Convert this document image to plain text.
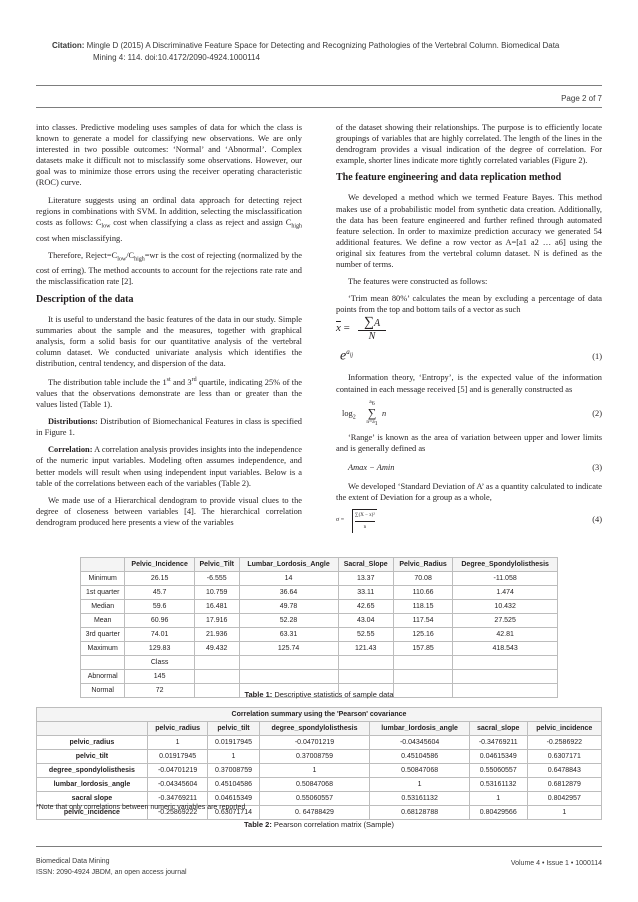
Citation: Mingle D (2015) A Discriminative Feature Space for Detecting and Recognizing Pathologies of the Vertebral Column. Biomedical Data
Mining 4: 114. doi:10.4172/2090-4924.1000114
Page 2 of 7

into classes. Predictive modeling uses samples of data for which the class is known to generate a model for classifying new observations. We are only interested in two possible outcomes: ‘Normal’ and ‘Abnormal’. Complex datasets make it difficult not to misclassify some observations. However, our goal was to minimize those errors using the receiver operating characteristic (ROC) curve.

Literature suggests using an ordinal data approach for detecting reject regions in combinations with SVM. In addition, selecting the misclassification costs as follows: $C_{low}$ cost when classifying a class as reject and assign $C_{high}$ cost when misclassifying.

Therefore, $Reject=C_{low}/C_{high}=wr$ is the cost of rejecting (normalized by the cost of erring). The method accounts to account for the rejections rate rate and the misclassification rate [2].

Description of the data

It is useful to understand the basic features of the data in our study. Simple summaries about the sample and the measures, together with graphical analysis, form a solid basis for our quantitative analysis of the vertebral column dataset. We conducted univariate analysis which identifies the distribution, central tendency, and dispersion of the data.

The distribution table include the 1st and 3rd quartile, indicating 25% of the values that the observations demonstrate are less than or greater than the values listed (Table 1).

Distributions: Distribution of Biomechanical Features in class is specified in Figure 1.

Correlation: A correlation analysis provides insights into the independence of the numeric input variables. Modeling often assumes independence, and better models will result when using independent input variables. Below is a table of the correlations between each of the variables (Table 2).

We made use of a Hierarchical dendogram to provide visual clues to the degree of closeness between variables [4]. The hierarchical correlation dendrogram produced here presents a view of the variables

of the dataset showing their relationships. The purpose is to efficiently locate groupings of variables that are highly correlated. The length of the lines in the dendrogram provides a visual indication of the degree of correlation. For example, shorter lines indicate more tightly correlated variables (Figure 2).

The feature engineering and data replication method

We developed a method which we termed Feature Bayes. This method makes use of a probabilistic model from synthetic data creation. Additionally, the data has been feature engineered and further refined through automated feature selection. In order to maximize prediction accuracy we generated 54 additional features. We define a row vector as A=[a1 a2 … a6] using the original six features from the vertebral column dataset. N is defined as the number of terms.

The features were constructed as follows:

‘Trim mean 80%’ calculates the mean by excluding a percentage of data points from the top and bottom tails of a vector as such

$\overline{x}$ =	∑A
N
$e^{a_{ij}}$	(1)

Information theory, ‘Entropy’, is the expected value of the information contained in each message received [5] and is generally constructed as

$\log_2$
$a_6$
∑
$n=a_1$
n	(2)

‘Range’ is known as the area of variation between upper and lower limits and is generally defined as

Amax − Amin	(3)

We developed ‘Standard Deviation of A’ as a quantity calculated to indicate the extent of Deviation for a group as a whole,

σ =
∑(X − x)²
n
(4)
	Pelvic_Incidence	Pelvic_Tilt	Lumbar_Lordosis_Angle	Sacral_Slope	Pelvic_Radius	Degree_Spondylolisthesis
Minimum	26.15	-6.555	14	13.37	70.08	-11.058
1st quarter	45.7	10.759	36.64	33.11	110.66	1.474
Median	59.6	16.481	49.78	42.65	118.15	10.432
Mean	60.96	17.916	52.28	43.04	117.54	27.525
3rd quarter	74.01	21.936	63.31	52.55	125.16	42.81
Maximum	129.83	49.432	125.74	121.43	157.85	418.543
	Class					
Abnormal	145					
Normal	72						Table 1: Descriptive statistics of sample data
Correlation summary using the 'Pearson' covariance						
	pelvic_radius	pelvic_tilt	degree_spondylolisthesis	lumbar_lordosis_angle	sacral_slope	pelvic_incidence
pelvic_radius	1	0.01917945	-0.04701219	-0.04345604	-0.34769211	-0.2586922
pelvic_tilt	0.01917945	1	0.37008759	0.45104586	0.04615349	0.6307171
degree_spondylolisthesis	-0.04701219	0.37008759	1	0.50847068	0.55060557	0.6478843
lumbar_lordosis_angle	-0.04345604	0.45104586	0.50847068	1	0.53161132	0.6812879
sacral slope	-0.34769211	0.04615349	0.55060557	0.53161132	1	0.8042957
pelvic_incidence	-0.25869222	0.63071714	0. 64788429	0.68128788	0.80429566	1
*Note that only correlations between numeric variables are reported
Table 2: Pearson correlation matrix (Sample)
Biomedical Data Mining
ISSN: 2090-4924 JBDM, an open access journal
Volume 4 • Issue 1 • 1000114
